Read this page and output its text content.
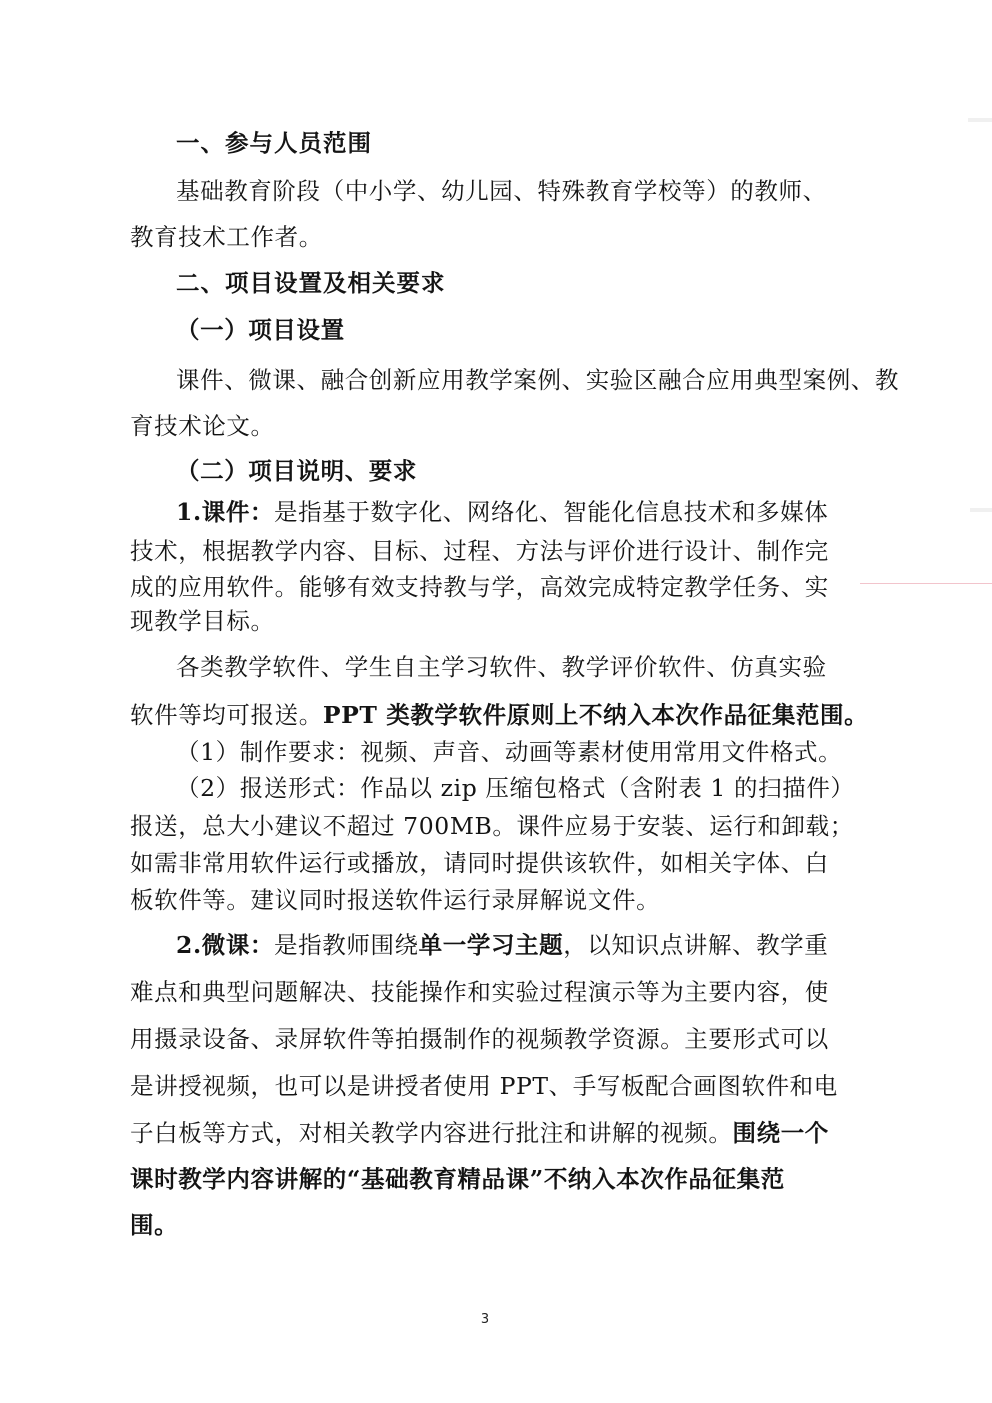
一、参与人员范围
基础教育阶段（中小学、幼儿园、特殊教育学校等）的教师、
教育技术工作者。
二、项目设置及相关要求
（一）项目设置
课件、微课、融合创新应用教学案例、实验区融合应用典型案例、教
育技术论文。
（二）项目说明、要求
1.课件：是指基于数字化、网络化、智能化信息技术和多媒体
技术，根据教学内容、目标、过程、方法与评价进行设计、制作完
成的应用软件。能够有效支持教与学，高效完成特定教学任务、实
现教学目标。
各类教学软件、学生自主学习软件、教学评价软件、仿真实验
软件等均可报送。PPT 类教学软件原则上不纳入本次作品征集范围。
（1）制作要求：视频、声音、动画等素材使用常用文件格式。
（2）报送形式：作品以 zip 压缩包格式（含附表 1 的扫描件）
报送，总大小建议不超过 700MB。课件应易于安装、运行和卸载；
如需非常用软件运行或播放，请同时提供该软件，如相关字体、白
板软件等。建议同时报送软件运行录屏解说文件。
2.微课：是指教师围绕单一学习主题，以知识点讲解、教学重
难点和典型问题解决、技能操作和实验过程演示等为主要内容，使
用摄录设备、录屏软件等拍摄制作的视频教学资源。主要形式可以
是讲授视频，也可以是讲授者使用 PPT、手写板配合画图软件和电
子白板等方式，对相关教学内容进行批注和讲解的视频。围绕一个
课时教学内容讲解的“基础教育精品课”不纳入本次作品征集范
围。
3
